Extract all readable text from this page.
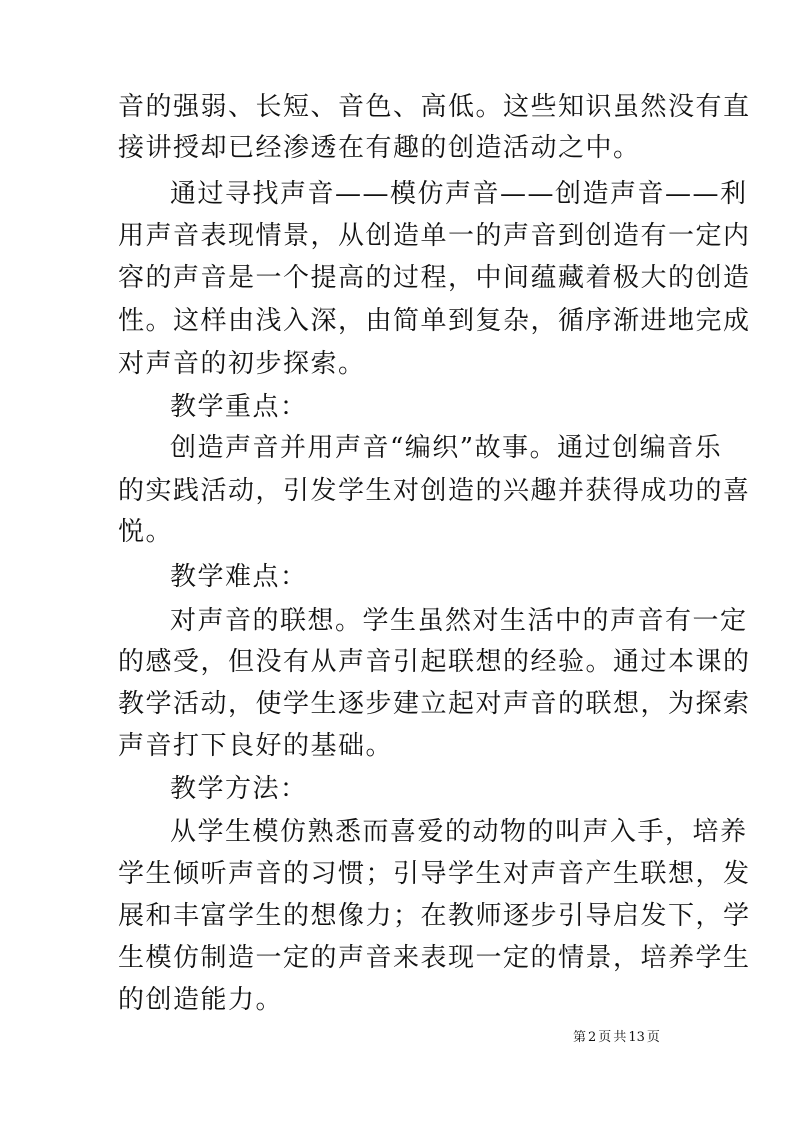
音的强弱、长短、音色、高低。这些知识虽然没有直
接讲授却已经渗透在有趣的创造活动之中。
通过寻找声音——模仿声音——创造声音——利
用声音表现情景，从创造单一的声音到创造有一定内
容的声音是一个提高的过程，中间蕴藏着极大的创造
性。这样由浅入深，由简单到复杂，循序渐进地完成
对声音的初步探索。
教学重点：
创造声音并用声音“编织”故事。通过创编音乐
的实践活动，引发学生对创造的兴趣并获得成功的喜
悦。
教学难点：
对声音的联想。学生虽然对生活中的声音有一定
的感受，但没有从声音引起联想的经验。通过本课的
教学活动，使学生逐步建立起对声音的联想，为探索
声音打下良好的基础。
教学方法：
从学生模仿熟悉而喜爱的动物的叫声入手，培养
学生倾听声音的习惯；引导学生对声音产生联想，发
展和丰富学生的想像力；在教师逐步引导启发下，学
第 2 页 共 13 页
生模仿制造一定的声音来表现一定的情景，培养学生
的创造能力。
